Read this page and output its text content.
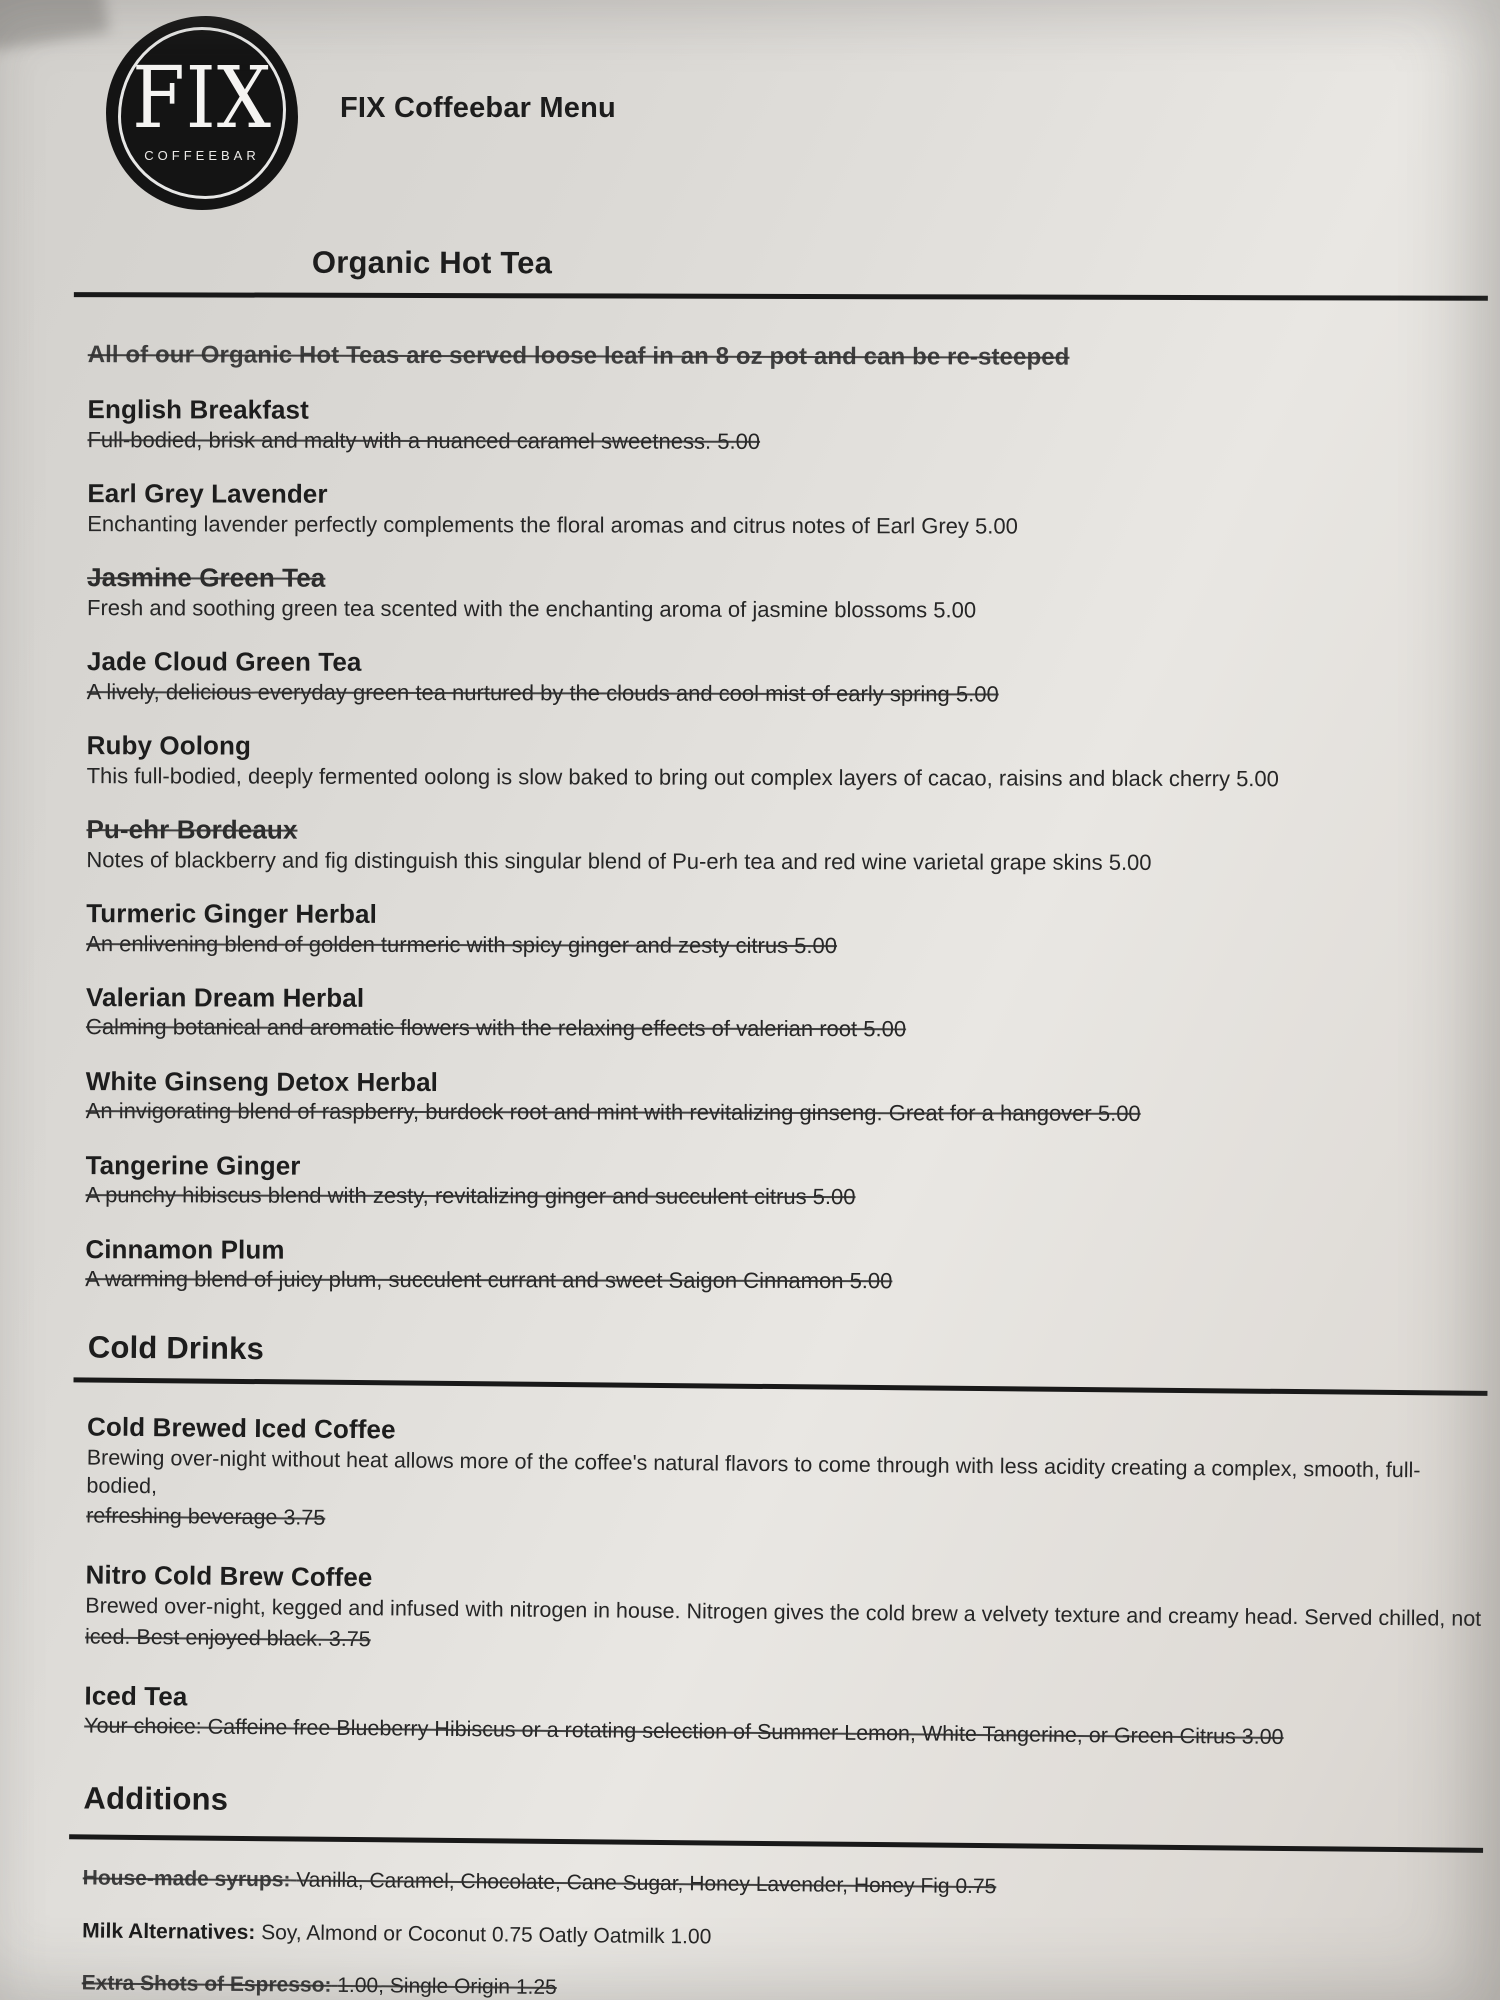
FIX
COFFEEBAR
FIX Coffeebar Menu
Organic Hot Tea

All of our Organic Hot Teas are served loose leaf in an 8 oz pot and can be re-steeped

English Breakfast

Full-bodied, brisk and malty with a nuanced caramel sweetness. 5.00

Earl Grey Lavender

Enchanting lavender perfectly complements the floral aromas and citrus notes of Earl Grey 5.00

Jasmine Green Tea

Fresh and soothing green tea scented with the enchanting aroma of jasmine blossoms 5.00

Jade Cloud Green Tea

A lively, delicious everyday green tea nurtured by the clouds and cool mist of early spring 5.00

Ruby Oolong

This full-bodied, deeply fermented oolong is slow baked to bring out complex layers of cacao, raisins and black cherry 5.00

Pu-ehr Bordeaux

Notes of blackberry and fig distinguish this singular blend of Pu-erh tea and red wine varietal grape skins 5.00

Turmeric Ginger Herbal

An enlivening blend of golden turmeric with spicy ginger and zesty citrus 5.00

Valerian Dream Herbal

Calming botanical and aromatic flowers with the relaxing effects of valerian root 5.00

White Ginseng Detox Herbal

An invigorating blend of raspberry, burdock root and mint with revitalizing ginseng. Great for a hangover 5.00

Tangerine Ginger

A punchy hibiscus blend with zesty, revitalizing ginger and succulent citrus 5.00

Cinnamon Plum

A warming blend of juicy plum, succulent currant and sweet Saigon Cinnamon 5.00

Cold Drinks
Cold Brewed Iced Coffee

Brewing over-night without heat allows more of the coffee's natural flavors to come through with less acidity creating a complex, smooth, full-bodied,

refreshing beverage 3.75

Nitro Cold Brew Coffee

Brewed over-night, kegged and infused with nitrogen in house. Nitrogen gives the cold brew a velvety texture and creamy head. Served chilled, not

iced. Best enjoyed black. 3.75

Iced Tea

Your choice: Caffeine free Blueberry Hibiscus or a rotating selection of Summer Lemon, White Tangerine, or Green Citrus 3.00

Additions

House-made syrups: Vanilla, Caramel, Chocolate, Cane Sugar, Honey Lavender, Honey Fig 0.75

Milk Alternatives: Soy, Almond or Coconut 0.75 Oatly Oatmilk 1.00

Extra Shots of Espresso: 1.00, Single Origin 1.25
